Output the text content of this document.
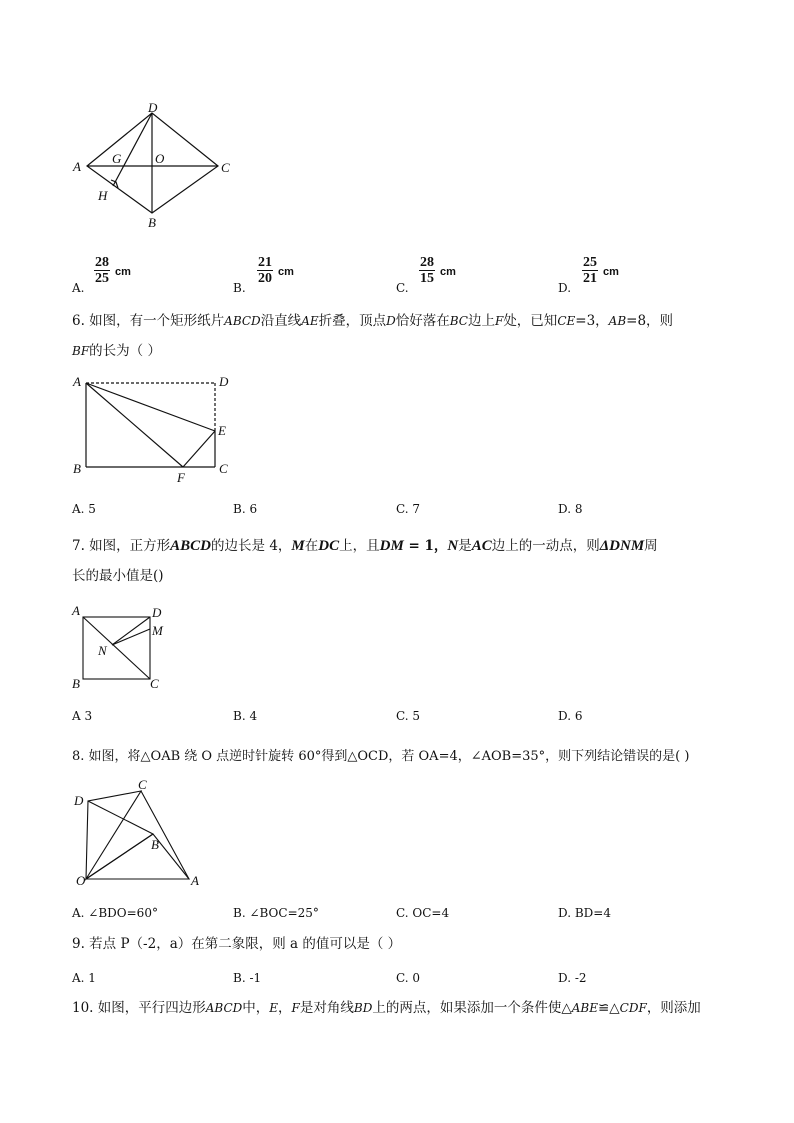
D
A
G	O
C
H
B
A.
$\frac{28}{25}$ cm
B.
$\frac{21}{20}$ cm
C.
$\frac{28}{15}$ cm
D.
$\frac{25}{21}$ cm
6. 如图，有一个矩形纸片ABCD沿直线AE折叠，顶点D恰好落在BC边上F处，已知CE=3，AB=8，则
BF的长为（ ）
A	D
E
B
F
C
A. 5	B. 6	C. 7	D. 8
7. 如图，正方形ABCD的边长是 4，M在DC上，且DM = 1，N是AC边上的一动点，则ΔDNM周
长的最小值是()
A	D
M
N
B	C
A 3	B. 4	C. 5	D. 6
8. 如图，将△OAB 绕 O 点逆时针旋转 60°得到△OCD，若 OA=4，∠AOB=35°，则下列结论错误的是( )
C
D
B
O	A
A. ∠BDO=60°	B. ∠BOC=25°	C. OC=4	D. BD=4
9. 若点 P（-2，a）在第二象限，则 a 的值可以是（ ）
A. 1	B. -1	C. 0	D. -2
10. 如图，平行四边形ABCD中，E，F是对角线BD上的两点，如果添加一个条件使△ABE≌△CDF，则添加
